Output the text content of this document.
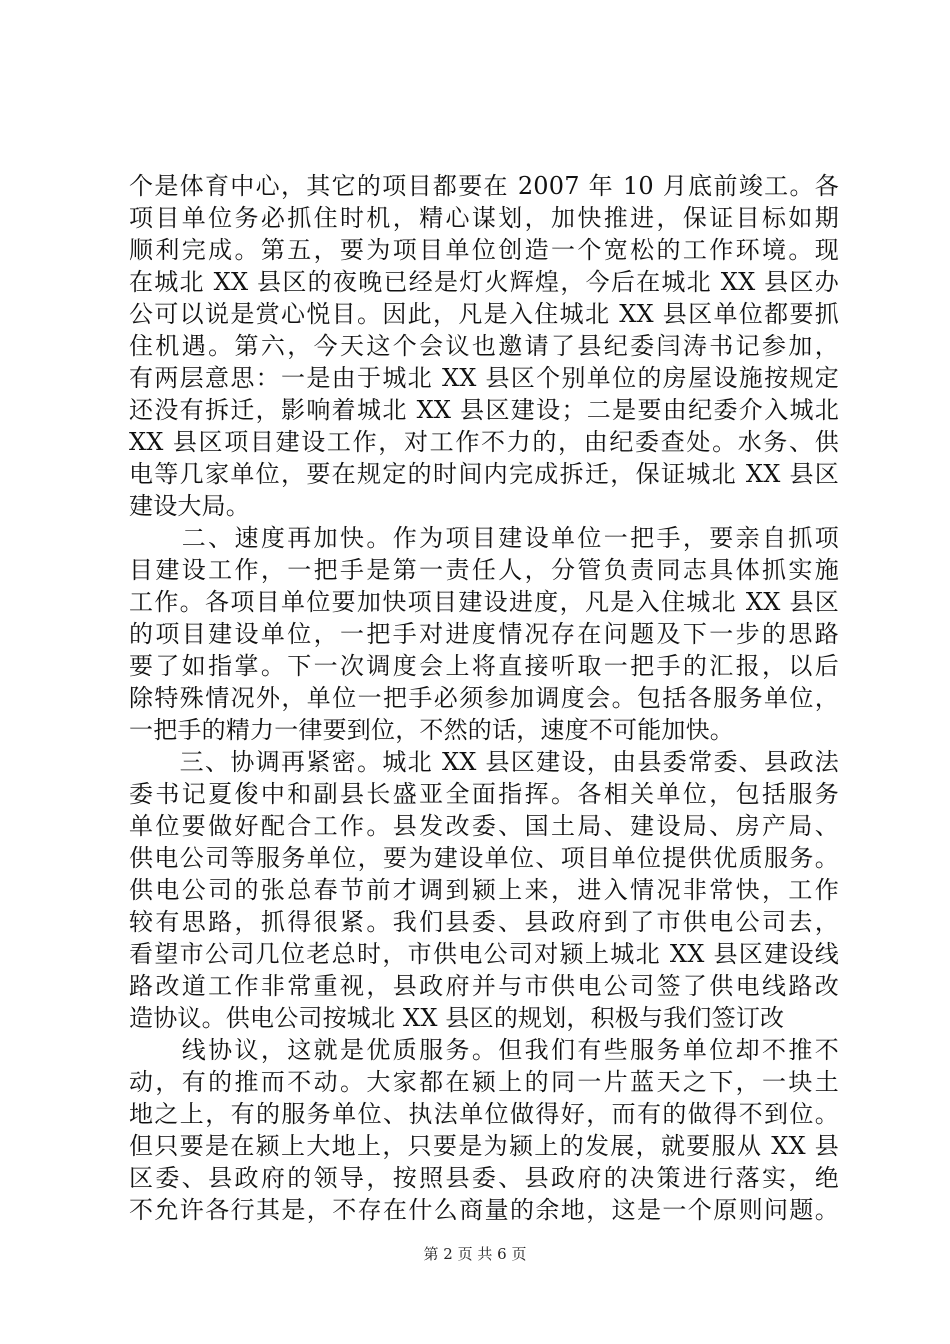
个是体育中心，其它的项目都要在 2007 年 10 月底前竣工。各
项目单位务必抓住时机，精心谋划，加快推进，保证目标如期
顺利完成。第五，要为项目单位创造一个宽松的工作环境。现
在城北 XX 县区的夜晚已经是灯火辉煌，今后在城北 XX 县区办
公可以说是赏心悦目。因此，凡是入住城北 XX 县区单位都要抓
住机遇。第六，今天这个会议也邀请了县纪委闫涛书记参加，
有两层意思：一是由于城北 XX 县区个别单位的房屋设施按规定
还没有拆迁，影响着城北 XX 县区建设；二是要由纪委介入城北
XX 县区项目建设工作，对工作不力的，由纪委查处。水务、供
电等几家单位，要在规定的时间内完成拆迁，保证城北 XX 县区
建设大局。
　　二、速度再加快。作为项目建设单位一把手，要亲自抓项
目建设工作，一把手是第一责任人，分管负责同志具体抓实施
工作。各项目单位要加快项目建设进度，凡是入住城北 XX 县区
的项目建设单位，一把手对进度情况存在问题及下一步的思路
要了如指掌。下一次调度会上将直接听取一把手的汇报，以后
除特殊情况外，单位一把手必须参加调度会。包括各服务单位，
一把手的精力一律要到位，不然的话，速度不可能加快。
　　三、协调再紧密。城北 XX 县区建设，由县委常委、县政法
委书记夏俊中和副县长盛亚全面指挥。各相关单位，包括服务
单位要做好配合工作。县发改委、国土局、建设局、房产局、
供电公司等服务单位，要为建设单位、项目单位提供优质服务。
供电公司的张总春节前才调到颍上来，进入情况非常快，工作
较有思路，抓得很紧。我们县委、县政府到了市供电公司去，
看望市公司几位老总时，市供电公司对颍上城北 XX 县区建设线
路改道工作非常重视，县政府并与市供电公司签了供电线路改
造协议。供电公司按城北 XX 县区的规划，积极与我们签订改
　　线协议，这就是优质服务。但我们有些服务单位却不推不
动，有的推而不动。大家都在颍上的同一片蓝天之下，一块土
地之上，有的服务单位、执法单位做得好，而有的做得不到位。
但只要是在颍上大地上，只要是为颍上的发展，就要服从 XX 县
区委、县政府的领导，按照县委、县政府的决策进行落实，绝
不允许各行其是，不存在什么商量的余地，这是一个原则问题。
第 2 页 共 6 页
